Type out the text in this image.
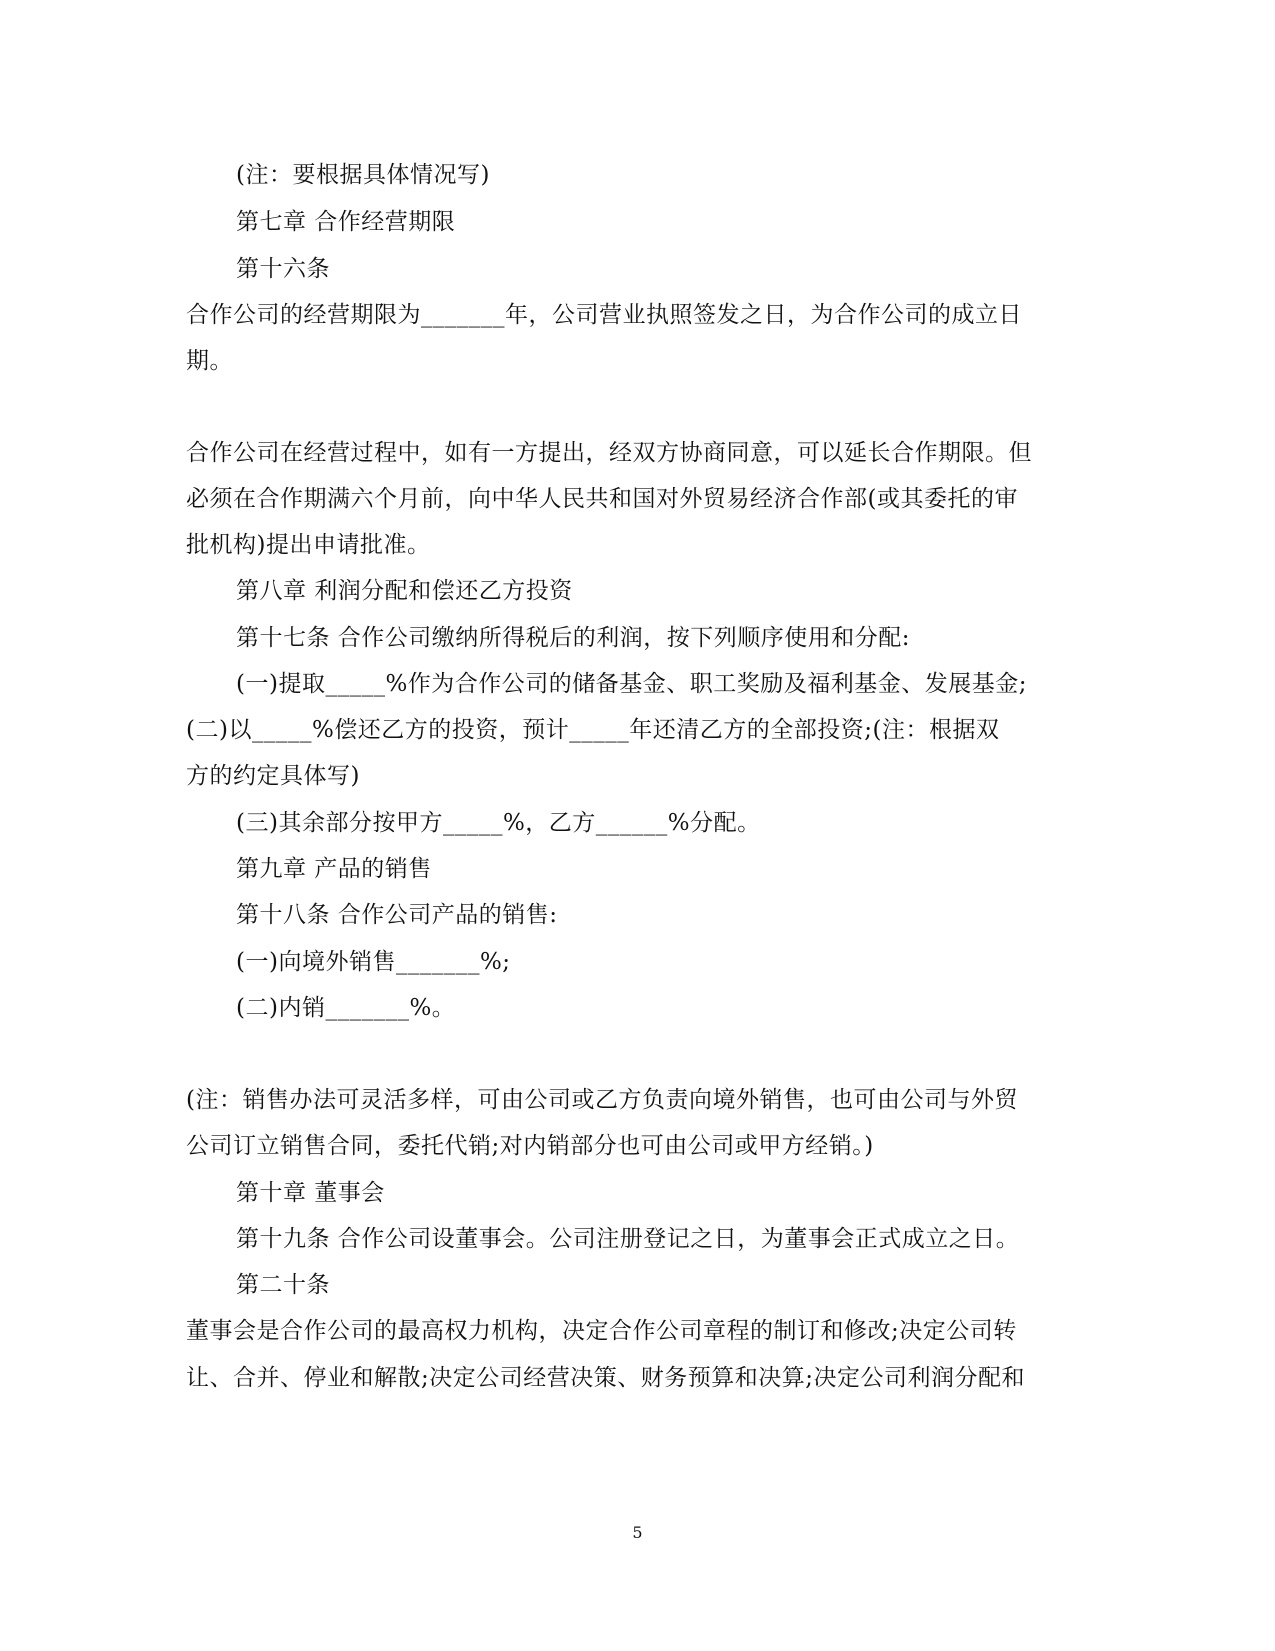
(注：要根据具体情况写)
第七章 合作经营期限
第十六条
合作公司的经营期限为_______年，公司营业执照签发之日，为合作公司的成立日
期。
合作公司在经营过程中，如有一方提出，经双方协商同意，可以延长合作期限。但
必须在合作期满六个月前，向中华人民共和国对外贸易经济合作部(或其委托的审
批机构)提出申请批准。
第八章 利润分配和偿还乙方投资
第十七条 合作公司缴纳所得税后的利润，按下列顺序使用和分配:
(一)提取_____%作为合作公司的储备基金、职工奖励及福利基金、发展基金;
(二)以_____%偿还乙方的投资，预计_____年还清乙方的全部投资;(注：根据双
方的约定具体写)
(三)其余部分按甲方_____%，乙方______%分配。
第九章 产品的销售
第十八条 合作公司产品的销售:
(一)向境外销售_______%;
(二)内销_______%。
(注：销售办法可灵活多样，可由公司或乙方负责向境外销售，也可由公司与外贸
公司订立销售合同，委托代销;对内销部分也可由公司或甲方经销。)
第十章 董事会
第十九条 合作公司设董事会。公司注册登记之日，为董事会正式成立之日。
第二十条
董事会是合作公司的最高权力机构，决定合作公司章程的制订和修改;决定公司转
让、合并、停业和解散;决定公司经营决策、财务预算和决算;决定公司利润分配和
5
